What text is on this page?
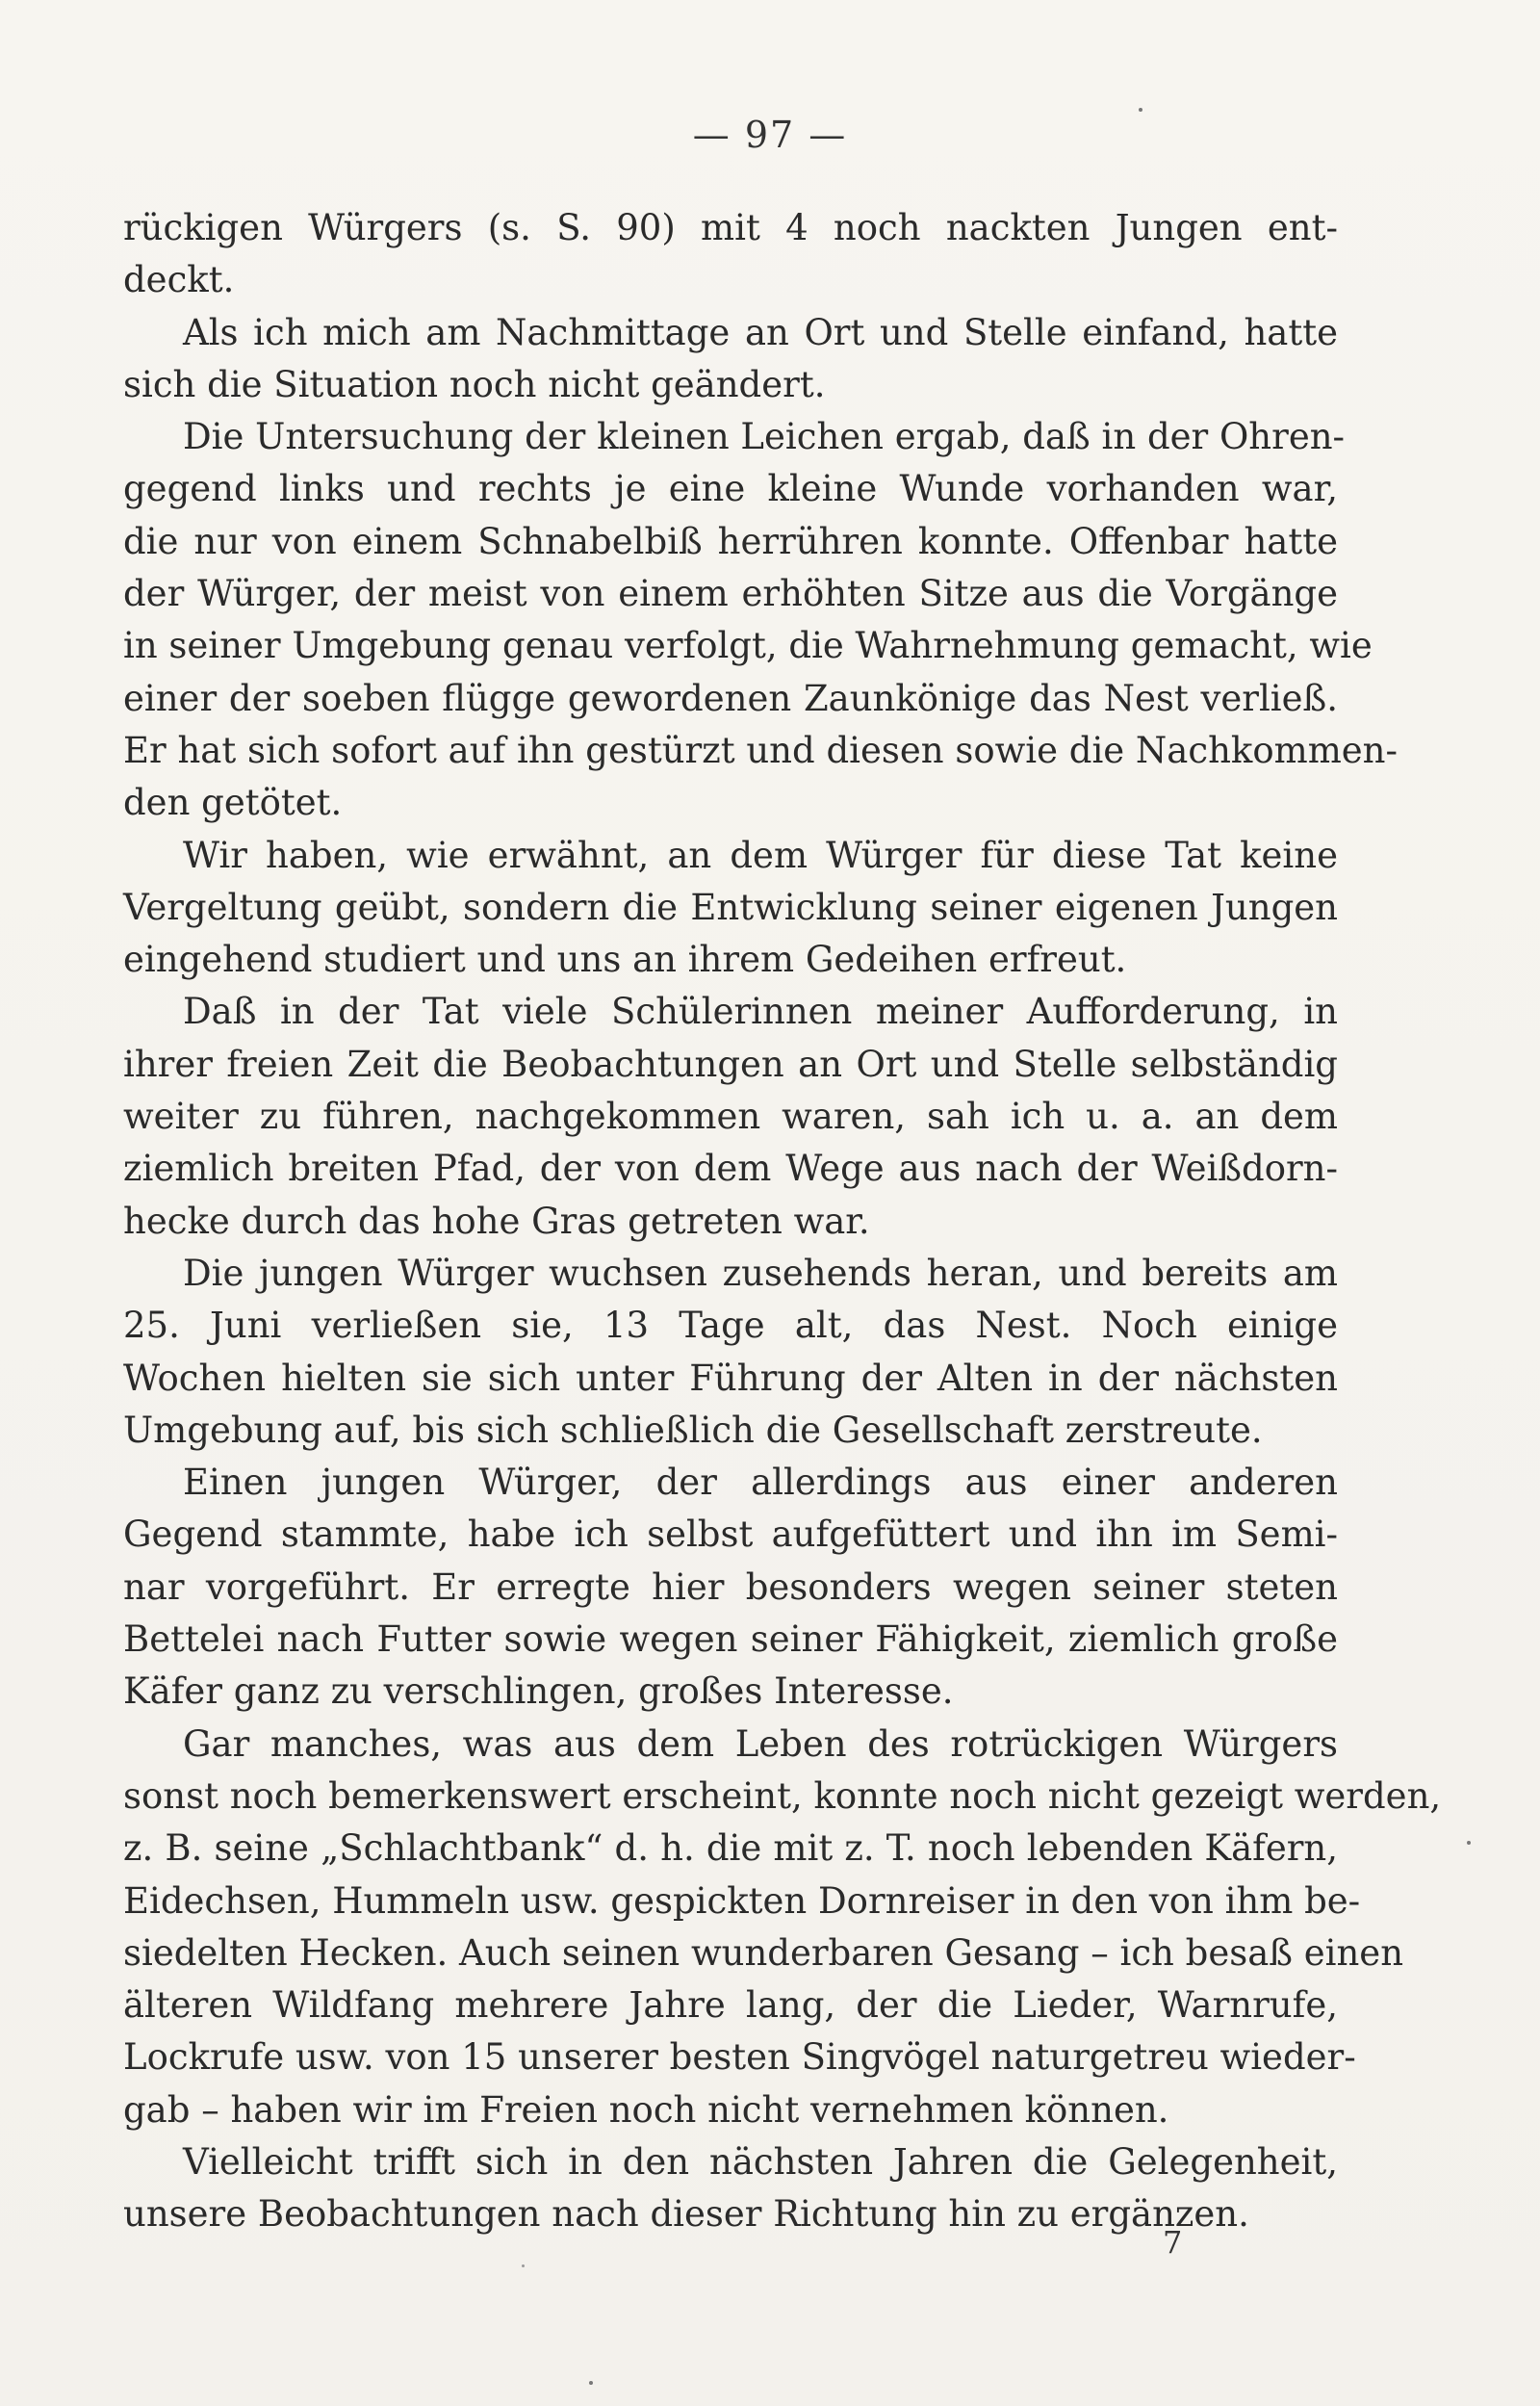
— 97 —
rückigen Würgers (s. S. 90) mit 4 noch nackten Jungen ent-
deckt.
Als ich mich am Nachmittage an Ort und Stelle einfand, hatte
sich die Situation noch nicht geändert.
Die Untersuchung der kleinen Leichen ergab, daß in der Ohren-
gegend links und rechts je eine kleine Wunde vorhanden war,
die nur von einem Schnabelbiß herrühren konnte. Offenbar hatte
der Würger, der meist von einem erhöhten Sitze aus die Vorgänge
in seiner Umgebung genau verfolgt, die Wahrnehmung gemacht, wie
einer der soeben flügge gewordenen Zaunkönige das Nest verließ.
Er hat sich sofort auf ihn gestürzt und diesen sowie die Nachkommen-
den getötet.
Wir haben, wie erwähnt, an dem Würger für diese Tat keine
Vergeltung geübt, sondern die Entwicklung seiner eigenen Jungen
eingehend studiert und uns an ihrem Gedeihen erfreut.
Daß in der Tat viele Schülerinnen meiner Aufforderung, in
ihrer freien Zeit die Beobachtungen an Ort und Stelle selbständig
weiter zu führen, nachgekommen waren, sah ich u. a. an dem
ziemlich breiten Pfad, der von dem Wege aus nach der Weißdorn-
hecke durch das hohe Gras getreten war.
Die jungen Würger wuchsen zusehends heran, und bereits am
25. Juni verließen sie, 13 Tage alt, das Nest. Noch einige
Wochen hielten sie sich unter Führung der Alten in der nächsten
Umgebung auf, bis sich schließlich die Gesellschaft zerstreute.
Einen jungen Würger, der allerdings aus einer anderen
Gegend stammte, habe ich selbst aufgefüttert und ihn im Semi-
nar vorgeführt. Er erregte hier besonders wegen seiner steten
Bettelei nach Futter sowie wegen seiner Fähigkeit, ziemlich große
Käfer ganz zu verschlingen, großes Interesse.
Gar manches, was aus dem Leben des rotrückigen Würgers
sonst noch bemerkenswert erscheint, konnte noch nicht gezeigt werden,
z. B. seine „Schlachtbank“ d. h. die mit z. T. noch lebenden Käfern,
Eidechsen, Hummeln usw. gespickten Dornreiser in den von ihm be-
siedelten Hecken. Auch seinen wunderbaren Gesang – ich besaß einen
älteren Wildfang mehrere Jahre lang, der die Lieder, Warnrufe,
Lockrufe usw. von 15 unserer besten Singvögel naturgetreu wieder-
gab – haben wir im Freien noch nicht vernehmen können.
Vielleicht trifft sich in den nächsten Jahren die Gelegenheit,
unsere Beobachtungen nach dieser Richtung hin zu ergänzen.
7
